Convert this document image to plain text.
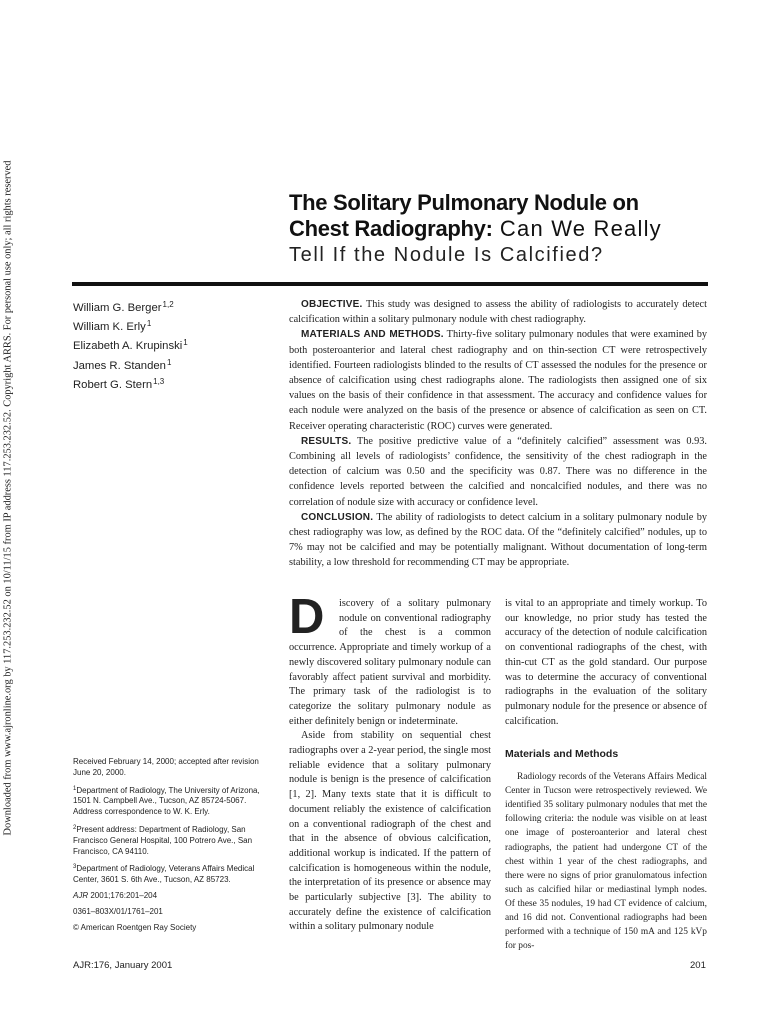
Downloaded from www.ajronline.org by 117.253.232.52 on 10/11/15 from IP address 117.253.232.52. Copyright ARRS. For personal use only; all rights reserved	The Solitary Pulmonary Nodule on
Chest Radiography: Can We Really
Tell If the Nodule Is Calcified?
William G. Berger$^{1,2}$
William K. Erly$^1$
Elizabeth A. Krupinski$^1$
James R. Standen$^1$
Robert G. Stern$^{1,3}$

OBJECTIVE. This study was designed to assess the ability of radiologists to accurately detect calcification within a solitary pulmonary nodule with chest radiography.

MATERIALS AND METHODS. Thirty-five solitary pulmonary nodules that were examined by both posteroanterior and lateral chest radiography and on thin-section CT were retrospectively identified. Fourteen radiologists blinded to the results of CT assessed the nodules for the presence or absence of calcification using chest radiographs alone. The radiologists then assigned one of six values on the basis of their confidence in that assessment. The accuracy and confidence values for each nodule were analyzed on the basis of the presence or absence of calcification as seen on CT. Receiver operating characteristic (ROC) curves were generated.

RESULTS. The positive predictive value of a “definitely calcified” assessment was 0.93. Combining all levels of radiologists’ confidence, the sensitivity of the chest radiograph in the detection of calcium was 0.50 and the specificity was 0.87. There was no difference in the confidence levels reported between the calcified and noncalcified nodules, and there was no correlation of nodule size with accuracy or confidence level.

CONCLUSION. The ability of radiologists to detect calcium in a solitary pulmonary nodule by chest radiography was low, as defined by the ROC data. Of the “definitely calcified” nodules, up to 7% may not be calcified and may be potentially malignant. Without documentation of long-term stability, a low threshold for recommending CT may be appropriate.

D	iscovery of a solitary pulmonary nodule on conventional radiography of the chest is a common occurrence. Appropriate and timely workup of a newly discovered solitary pulmonary nodule can favorably affect patient survival and morbidity. The primary task of the radiologist is to categorize the solitary pulmonary nodule as either definitely benign or indeterminate.

Aside from stability on sequential chest radiographs over a 2-year period, the single most reliable evidence that a solitary pulmonary nodule is benign is the presence of calcification [1, 2]. Many texts state that it is difficult to document reliably the existence of calcification on a conventional radiograph of the chest and that in the absence of obvious calcification, additional workup is indicated. If the pattern of calcification is homogeneous within the nodule, the interpretation of its presence or absence may be particularly subjective [3]. The ability to accurately define the existence of calcification within a solitary pulmonary nodule

is vital to an appropriate and timely workup. To our knowledge, no prior study has tested the accuracy of the detection of nodule calcification on conventional radiographs of the chest, with thin-cut CT as the gold standard. Our purpose was to determine the accuracy of conventional radiographs in the evaluation of the solitary pulmonary nodule for the presence or absence of calcification.

Materials and Methods

Radiology records of the Veterans Affairs Medical Center in Tucson were retrospectively reviewed. We identified 35 solitary pulmonary nodules that met the following criteria: the nodule was visible on at least one image of posteroanterior and lateral chest radiographs, the patient had undergone CT of the chest within 1 year of the chest radiographs, and there were no signs of prior granulomatous infection such as calcified hilar or mediastinal lymph nodes. Of these 35 nodules, 19 had CT evidence of calcium, and 16 did not. Conventional radiographs had been performed with a technique of 150 mA and 125 kVp for pos-

Received February 14, 2000; accepted after revision June 20, 2000.

$^1$Department of Radiology, The University of Arizona, 1501 N. Campbell Ave., Tucson, AZ 85724-5067. Address correspondence to W. K. Erly.

$^2$Present address: Department of Radiology, San Francisco General Hospital, 100 Potrero Ave., San Francisco, CA 94110.

$^3$Department of Radiology, Veterans Affairs Medical Center, 3601 S. 6th Ave., Tucson, AZ 85723.

AJR 2001;176:201–204

0361–803X/01/1761–201

© American Roentgen Ray Society

AJR:176, January 2001	201
